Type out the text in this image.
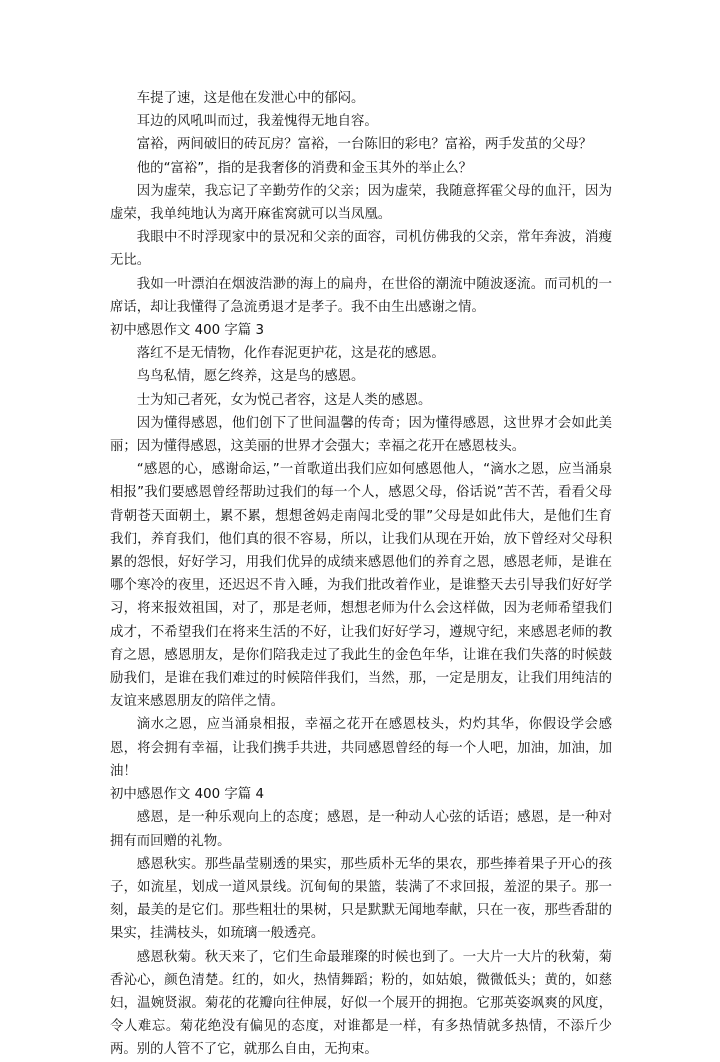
车提了速，这是他在发泄心中的郁闷。

耳边的风吼叫而过，我羞愧得无地自容。

富裕，两间破旧的砖瓦房？富裕，一台陈旧的彩电？富裕，两手发茧的父母？

他的“富裕”，指的是我奢侈的消费和金玉其外的举止么？

因为虚荣，我忘记了辛勤劳作的父亲；因为虚荣，我随意挥霍父母的血汗，因为虚荣，我单纯地认为离开麻雀窝就可以当凤凰。

我眼中不时浮现家中的景况和父亲的面容，司机仿佛我的父亲，常年奔波，消瘦无比。

我如一叶漂泊在烟波浩渺的海上的扁舟，在世俗的潮流中随波逐流。而司机的一席话，却让我懂得了急流勇退才是孝子。我不由生出感谢之情。

初中感恩作文 400 字篇 3

落红不是无情物，化作春泥更护花，这是花的感恩。

鸟鸟私情，愿乞终养，这是鸟的感恩。

士为知己者死，女为悦己者容，这是人类的感恩。

因为懂得感恩，他们创下了世间温馨的传奇；因为懂得感恩，这世界才会如此美丽；因为懂得感恩，这美丽的世界才会强大；幸福之花开在感恩枝头。

“感恩的心，感谢命运，”一首歌道出我们应如何感恩他人，“滴水之恩，应当涌泉相报”我们要感恩曾经帮助过我们的每一个人，感恩父母，俗话说”苦不苦，看看父母背朝苍天面朝土，累不累，想想爸妈走南闯北受的罪”父母是如此伟大，是他们生育我们，养育我们，他们真的很不容易，所以，让我们从现在开始，放下曾经对父母积累的怨恨，好好学习，用我们优异的成绩来感恩他们的养育之恩，感恩老师，是谁在哪个寒冷的夜里，还迟迟不肯入睡，为我们批改着作业，是谁整天去引导我们好好学习，将来报效祖国，对了，那是老师，想想老师为什么会这样做，因为老师希望我们成才，不希望我们在将来生活的不好，让我们好好学习，遵规守纪，来感恩老师的教育之恩，感恩朋友，是你们陪我走过了我此生的金色年华，让谁在我们失落的时候鼓励我们，是谁在我们难过的时候陪伴我们，当然，那，一定是朋友，让我们用纯洁的友谊来感恩朋友的陪伴之情。

滴水之恩，应当涌泉相报，幸福之花开在感恩枝头，灼灼其华，你假设学会感恩，将会拥有幸福，让我们携手共进，共同感恩曾经的每一个人吧，加油，加油，加油！

初中感恩作文 400 字篇 4

感恩，是一种乐观向上的态度；感恩，是一种动人心弦的话语；感恩，是一种对拥有而回赠的礼物。

感恩秋实。那些晶莹剔透的果实，那些质朴无华的果农，那些捧着果子开心的孩子，如流星，划成一道风景线。沉甸甸的果篮，装满了不求回报，羞涩的果子。那一刻，最美的是它们。那些粗壮的果树，只是默默无闻地奉献，只在一夜，那些香甜的果实，挂满枝头，如琉璃一般透亮。

感恩秋菊。秋天来了，它们生命最璀璨的时候也到了。一大片一大片的秋菊，菊香沁心，颜色清楚。红的，如火，热情舞蹈；粉的，如姑娘，微微低头；黄的，如慈妇，温婉贤淑。菊花的花瓣向往伸展，好似一个展开的拥抱。它那英姿飒爽的风度，令人难忘。菊花绝没有偏见的态度，对谁都是一样，有多热情就多热情，不添斤少两。别的人管不了它，就那么自由，无拘束。
